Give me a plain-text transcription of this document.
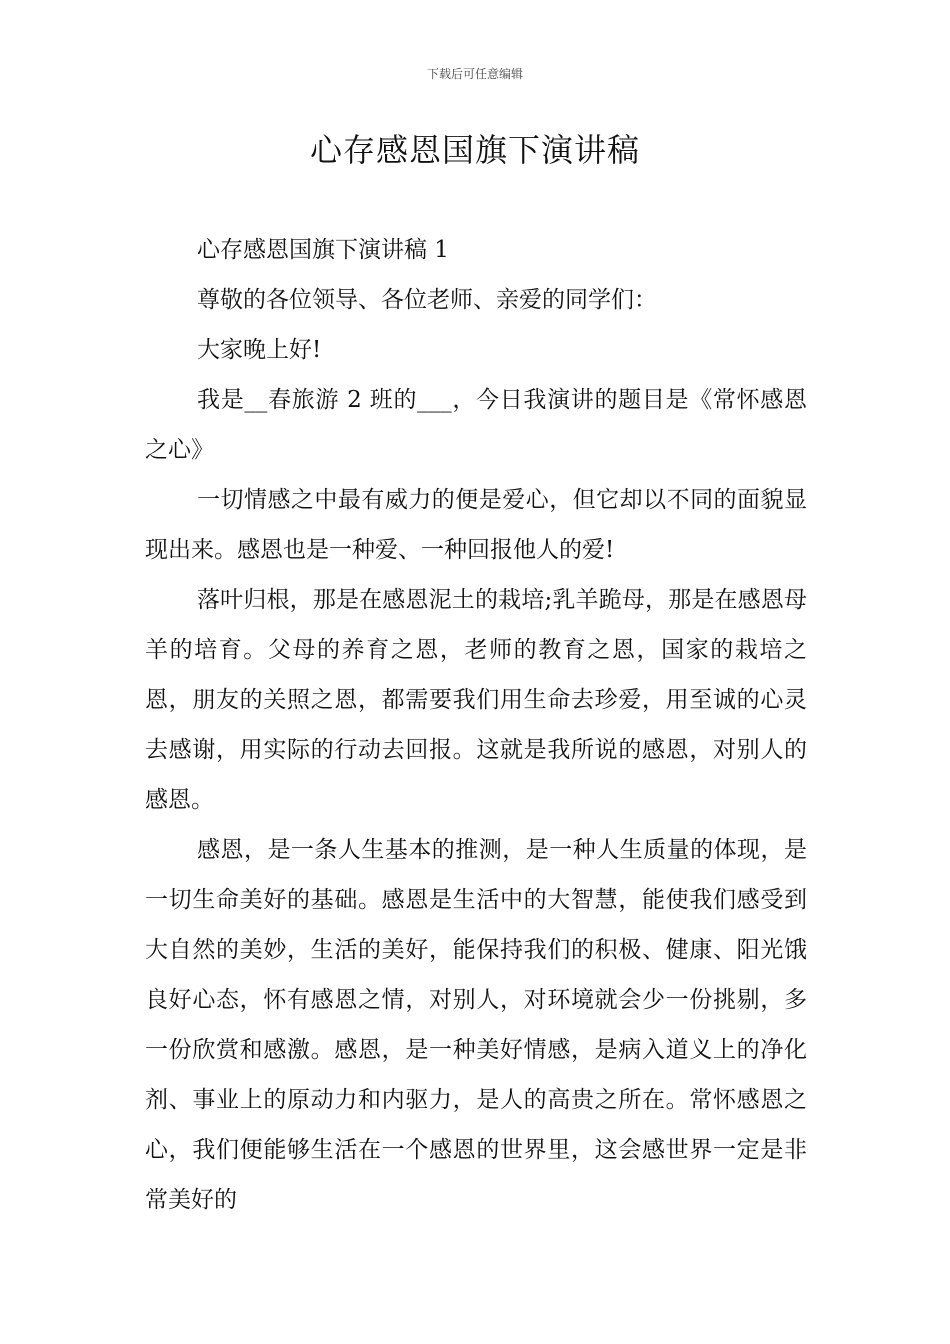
下载后可任意编辑
心存感恩国旗下演讲稿

心存感恩国旗下演讲稿 1

尊敬的各位领导、各位老师、亲爱的同学们：

大家晚上好!

我是__春旅游 2 班的___，今日我演讲的题目是《常怀感恩之心》

一切情感之中最有威力的便是爱心，但它却以不同的面貌显现出来。感恩也是一种爱、一种回报他人的爱!

落叶归根，那是在感恩泥土的栽培;乳羊跪母，那是在感恩母羊的培育。父母的养育之恩，老师的教育之恩，国家的栽培之恩，朋友的关照之恩，都需要我们用生命去珍爱，用至诚的心灵去感谢，用实际的行动去回报。这就是我所说的感恩，对别人的感恩。

感恩，是一条人生基本的推测，是一种人生质量的体现，是一切生命美好的基础。感恩是生活中的大智慧，能使我们感受到大自然的美妙，生活的美好，能保持我们的积极、健康、阳光饿良好心态，怀有感恩之情，对别人，对环境就会少一份挑剔，多一份欣赏和感激。感恩，是一种美好情感，是病入道义上的净化剂、事业上的原动力和内驱力，是人的高贵之所在。常怀感恩之心，我们便能够生活在一个感恩的世界里，这会感世界一定是非常美好的
